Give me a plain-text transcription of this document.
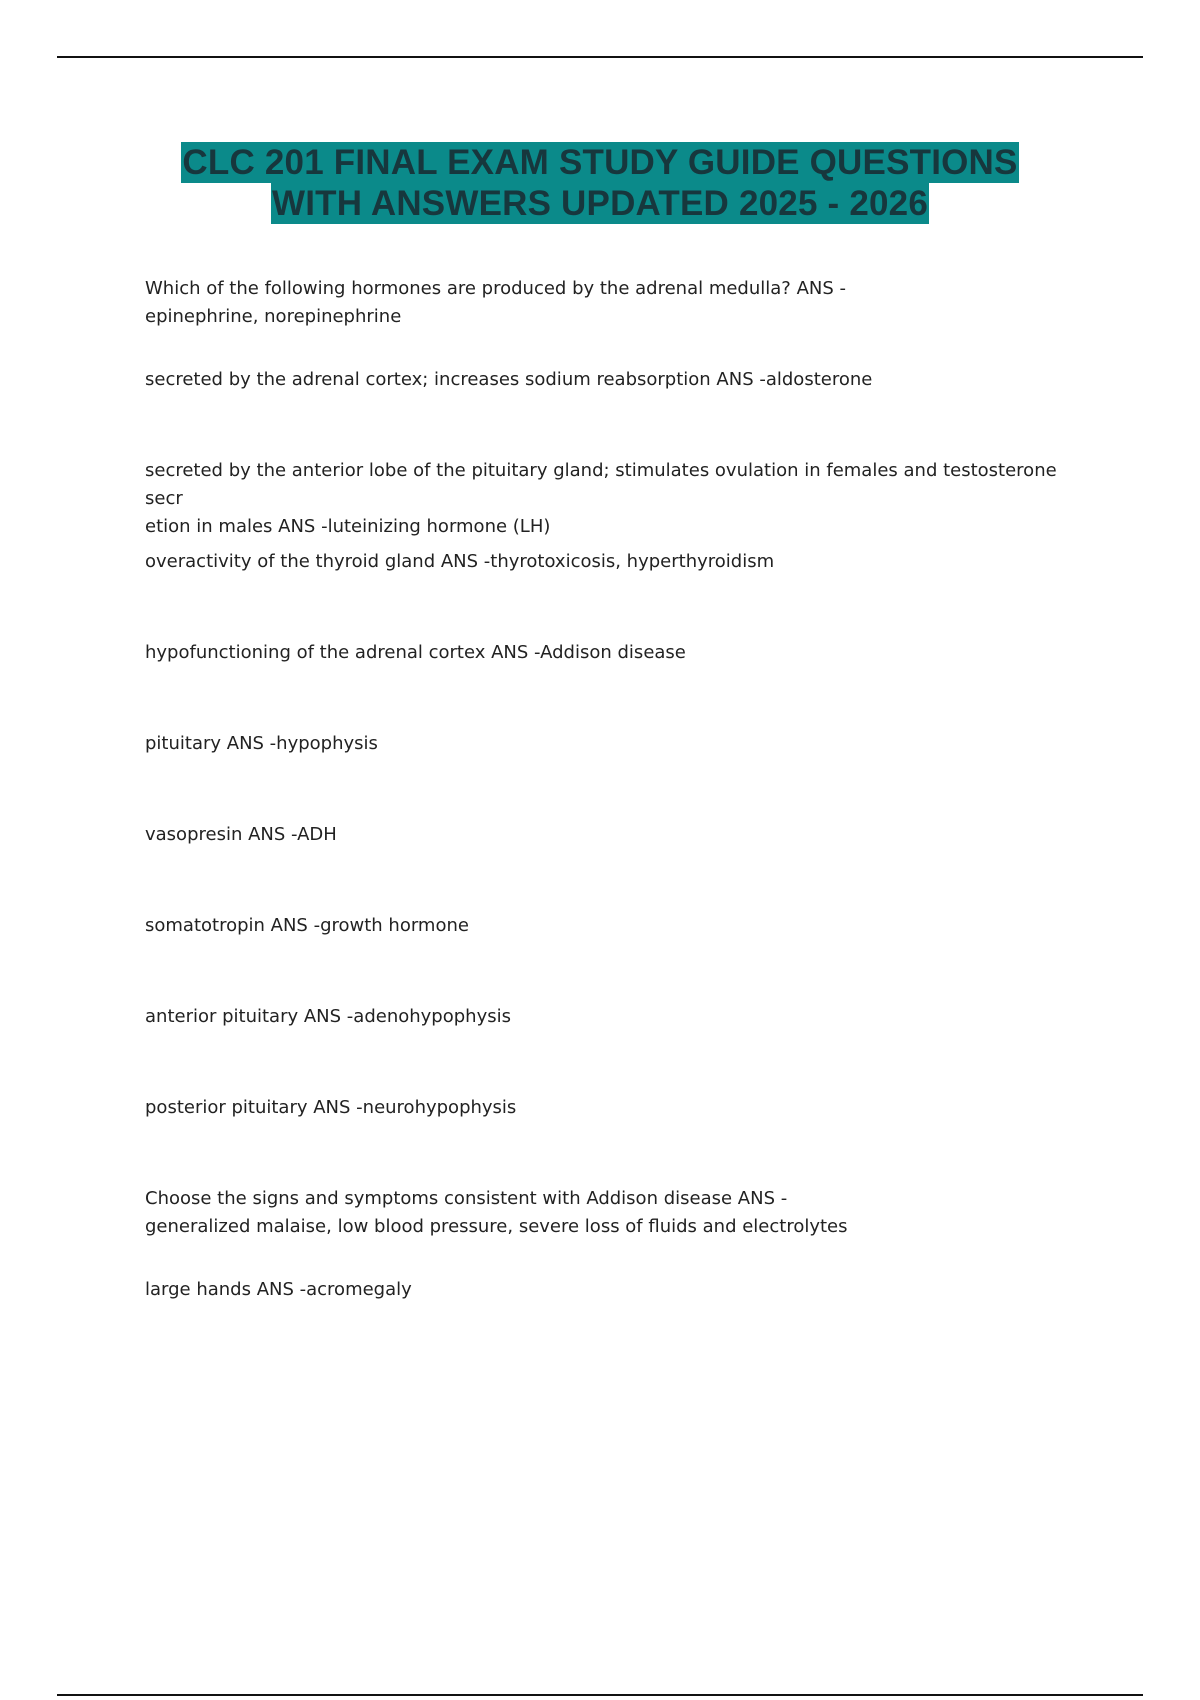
CLC 201 FINAL EXAM STUDY GUIDE QUESTIONS
WITH ANSWERS UPDATED 2025 - 2026
Which of the following hormones are produced by the adrenal medulla? ANS -
epinephrine, norepinephrine
secreted by the adrenal cortex; increases sodium reabsorption ANS -aldosterone
secreted by the anterior lobe of the pituitary gland; stimulates ovulation in females and testosterone secr
etion in males ANS -luteinizing hormone (LH)
overactivity of the thyroid gland ANS -thyrotoxicosis, hyperthyroidism
hypofunctioning of the adrenal cortex ANS -Addison disease
pituitary ANS -hypophysis
vasopresin ANS -ADH
somatotropin ANS -growth hormone
anterior pituitary ANS -adenohypophysis
posterior pituitary ANS -neurohypophysis
Choose the signs and symptoms consistent with Addison disease ANS -
generalized malaise, low blood pressure, severe loss of fluids and electrolytes
large hands ANS -acromegaly
